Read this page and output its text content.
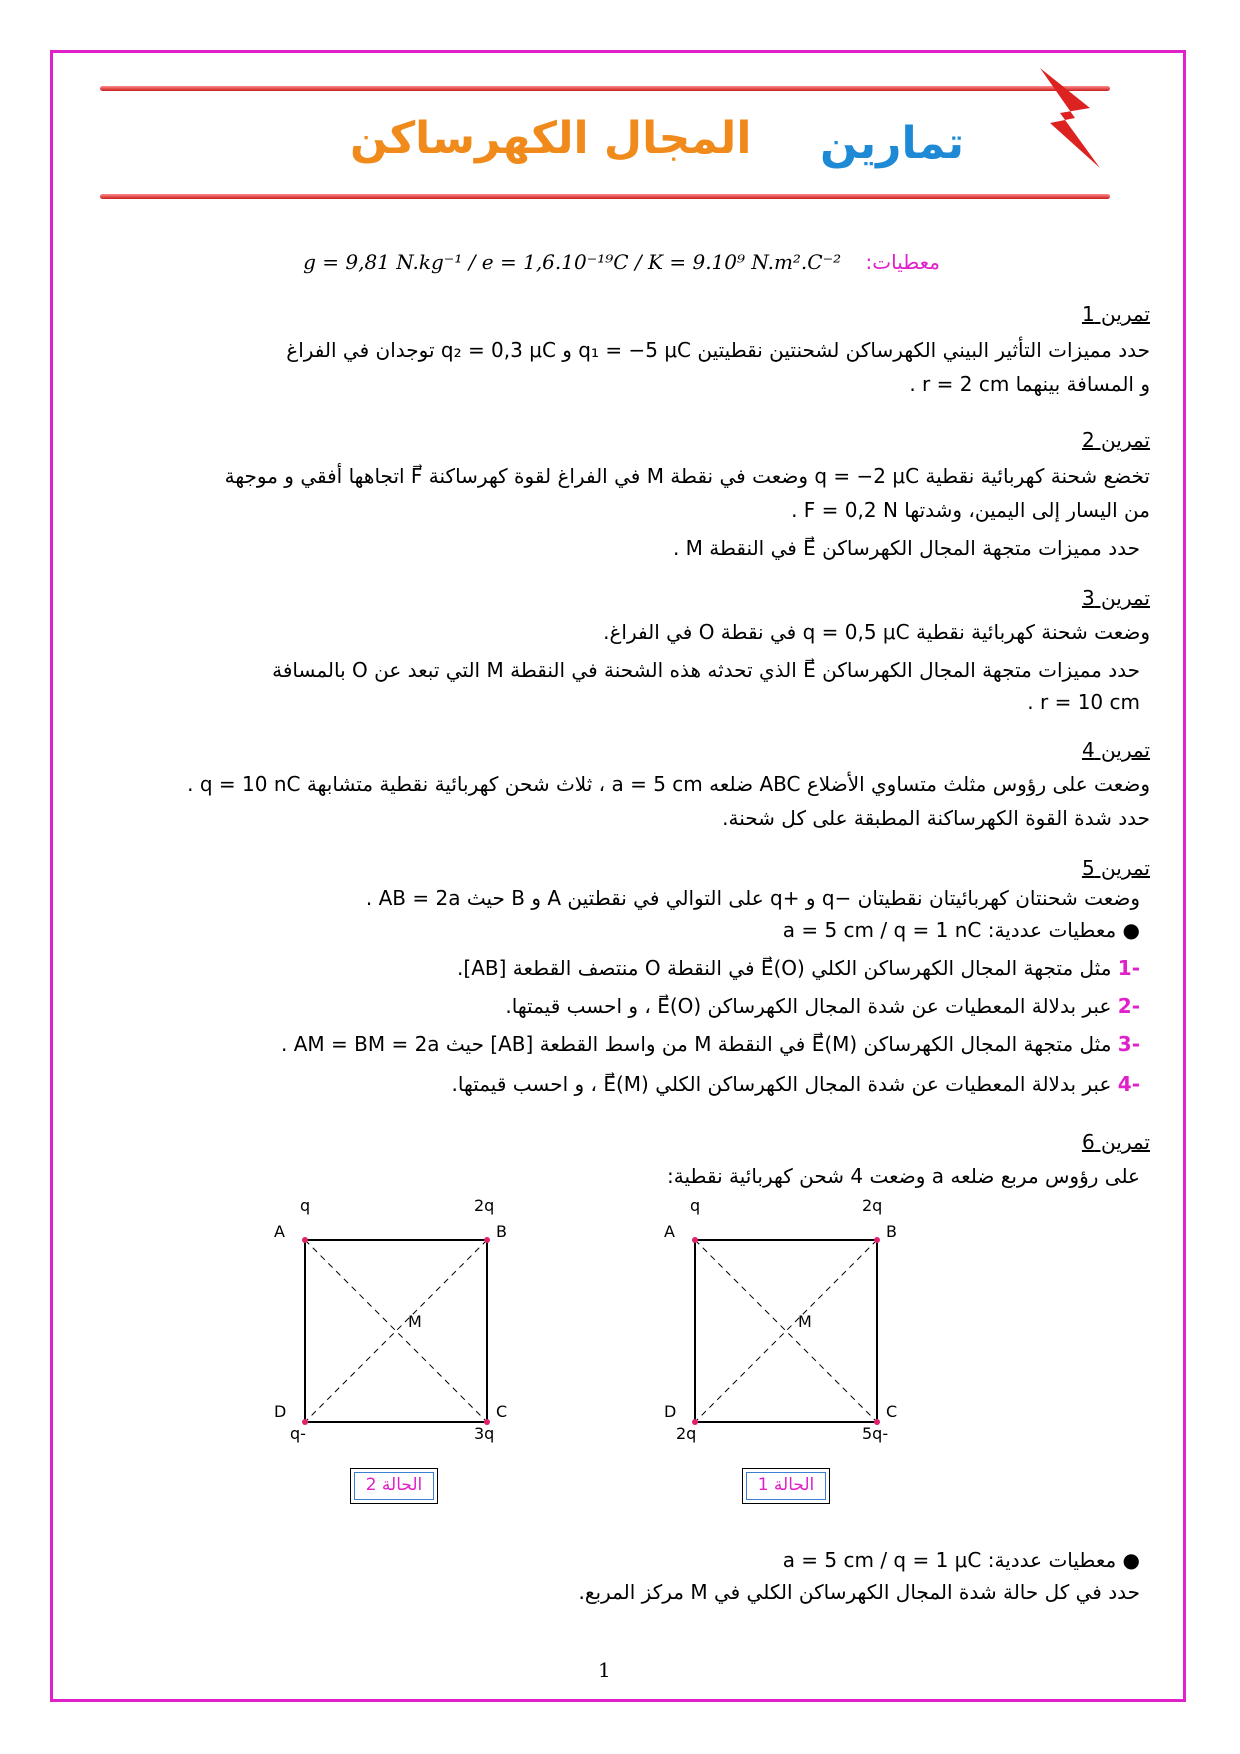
تمارين
المجال الكهرساكن
معطيات: g = 9,81 N.kg⁻¹ / e = 1,6.10⁻¹⁹C / K = 9.10⁹ N.m².C⁻²
تمرين 1
حدد مميزات التأثير البيني الكهرساكن لشحنتين نقطيتين q₁ = −5 μC و q₂ = 0,3 μC توجدان في الفراغ
و المسافة بينهما r = 2 cm .
تمرين 2
تخضع شحنة كهربائية نقطية q = −2 μC وضعت في نقطة M في الفراغ لقوة كهرساكنة F⃗ اتجاهها أفقي و موجهة
من اليسار إلى اليمين، وشدتها F = 0,2 N .
حدد مميزات متجهة المجال الكهرساكن E⃗ في النقطة M .
تمرين 3
وضعت شحنة كهربائية نقطية q = 0,5 μC في نقطة O في الفراغ.
حدد مميزات متجهة المجال الكهرساكن E⃗ الذي تحدثه هذه الشحنة في النقطة M التي تبعد عن O بالمسافة
r = 10 cm .
تمرين 4
وضعت على رؤوس مثلث متساوي الأضلاع ABC ضلعه a = 5 cm ، ثلاث شحن كهربائية نقطية متشابهة q = 10 nC .
حدد شدة القوة الكهرساكنة المطبقة على كل شحنة.
تمرين 5
وضعت شحنتان كهربائيتان نقطيتان −q و +q على التوالي في نقطتين A و B حيث AB = 2a .
● معطيات عددية: a = 5 cm / q = 1 nC
-1 مثل متجهة المجال الكهرساكن الكلي E⃗(O) في النقطة O منتصف القطعة [AB].
-2 عبر بدلالة المعطيات عن شدة المجال الكهرساكن E⃗(O) ، و احسب قيمتها.
-3 مثل متجهة المجال الكهرساكن E⃗(M) في النقطة M من واسط القطعة [AB] حيث AM = BM = 2a .
-4 عبر بدلالة المعطيات عن شدة المجال الكهرساكن الكلي E⃗(M) ، و احسب قيمتها.
تمرين 6
على رؤوس مربع ضلعه a وضعت 4 شحن كهربائية نقطية:
A	B
C
D
M
q	2q
-5q
2q
الحالة 1
A	B
C
D
M
q	2q
3q
-q
الحالة 2
● معطيات عددية: a = 5 cm / q = 1 μC
حدد في كل حالة شدة المجال الكهرساكن الكلي في M مركز المربع.
1
